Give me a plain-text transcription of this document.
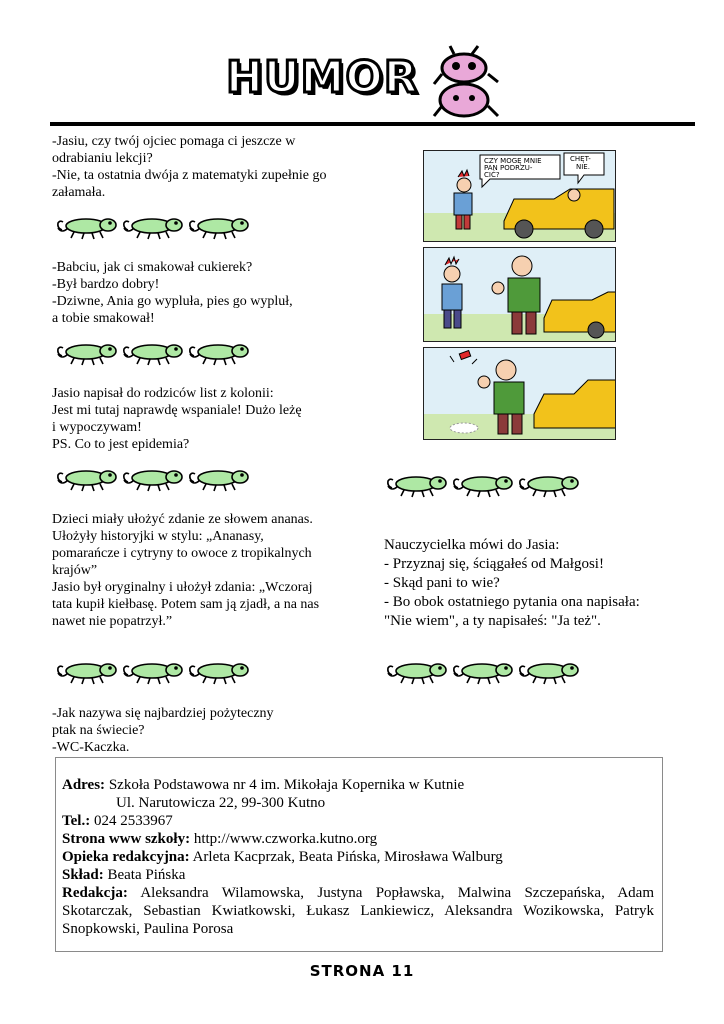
HUMOR
-Jasiu, czy twój ojciec pomaga ci jeszcze w
odrabianiu lekcji?
-Nie, ta ostatnia dwója z matematyki zupełnie go
załamała.
-Babciu, jak ci smakował cukierek?
-Był bardzo dobry!
-Dziwne, Ania go wypluła, pies go wypluł,
a tobie smakował!
Jasio napisał do rodziców list z kolonii:
Jest mi tutaj naprawdę wspaniale! Dużo leżę
i wypoczywam!
PS. Co to jest epidemia?
Dzieci miały ułożyć zdanie ze słowem ananas.
Ułożyły historyjki w stylu: „Ananasy,
pomarańcze i cytryny to owoce z tropikalnych
krajów”
Jasio był oryginalny i ułożył zdania: „Wczoraj
tata kupił kiełbasę. Potem sam ją zjadł, a na nas
nawet nie popatrzył.”
-Jak nazywa się najbardziej pożyteczny
ptak na świecie?
-WC-Kaczka.
Nauczycielka mówi do Jasia:
- Przyznaj się, ściągałeś od Małgosi!
- Skąd pani to wie?
- Bo obok ostatniego pytania ona napisała:
"Nie wiem", a ty napisałeś: "Ja też".
CZY MOGĘ MNIE PAN PODRZU-CIĆ?
CHĘT-NIE.
Adres: Szkoła Podstawowa nr 4 im. Mikołaja Kopernika w Kutnie
Ul. Narutowicza 22, 99-300 Kutno
Tel.: 024 2533967
Strona www szkoły: http://www.czworka.kutno.org
Opieka redakcyjna: Arleta Kacprzak, Beata Pińska, Mirosława Walburg
Skład: Beata Pińska
Redakcja: Aleksandra Wilamowska, Justyna Popławska, Malwina Szczepańska, Adam Skotarczak, Sebastian Kwiatkowski, Łukasz Lankiewicz, Aleksandra Wozikowska, Patryk Snopkowski, Paulina Porosa
STRONA 11
